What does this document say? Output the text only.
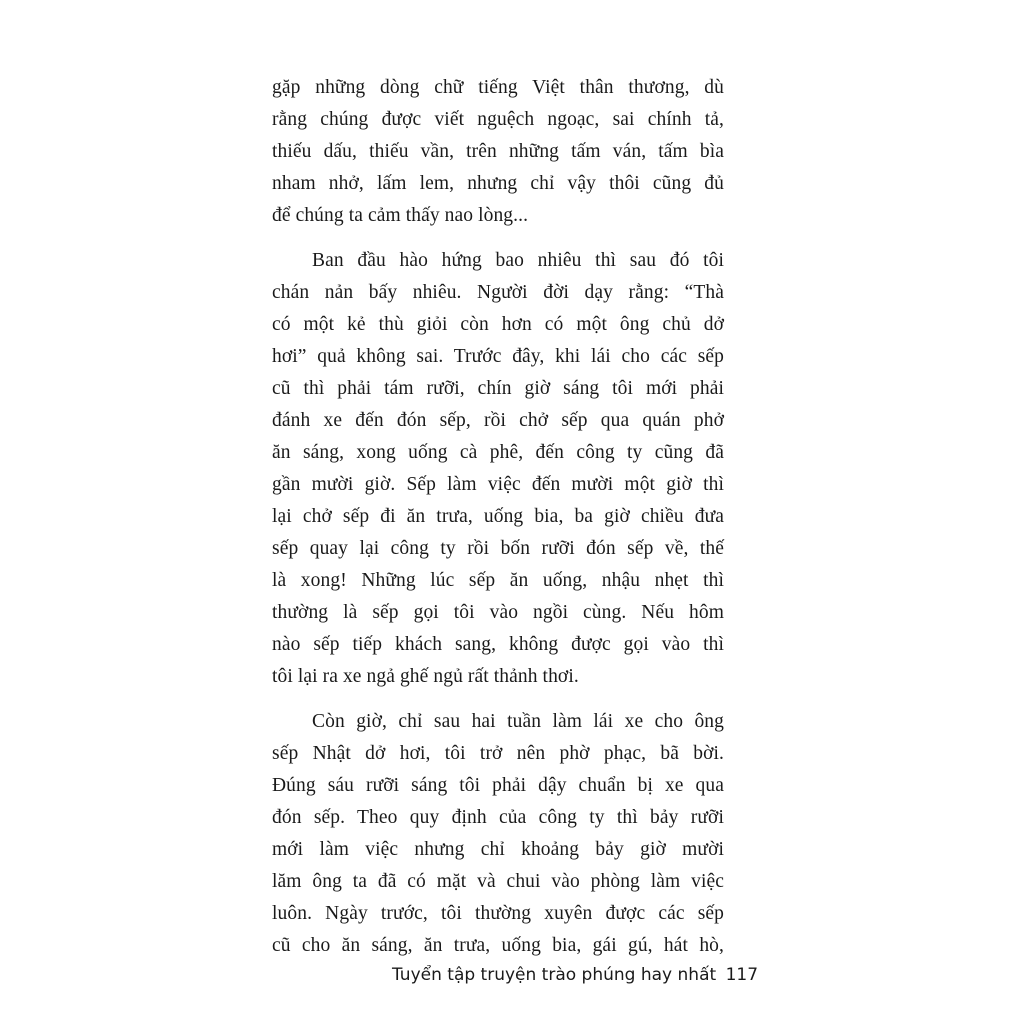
gặp những dòng chữ tiếng Việt thân thương, dù
rằng chúng được viết nguệch ngoạc, sai chính tả,
thiếu dấu, thiếu vần, trên những tấm ván, tấm bìa
nham nhở, lấm lem, nhưng chỉ vậy thôi cũng đủ
để chúng ta cảm thấy nao lòng...
Ban đầu hào hứng bao nhiêu thì sau đó tôi
chán nản bấy nhiêu. Người đời dạy rằng: “Thà
có một kẻ thù giỏi còn hơn có một ông chủ dở
hơi” quả không sai. Trước đây, khi lái cho các sếp
cũ thì phải tám rưỡi, chín giờ sáng tôi mới phải
đánh xe đến đón sếp, rồi chở sếp qua quán phở
ăn sáng, xong uống cà phê, đến công ty cũng đã
gần mười giờ. Sếp làm việc đến mười một giờ thì
lại chở sếp đi ăn trưa, uống bia, ba giờ chiều đưa
sếp quay lại công ty rồi bốn rưỡi đón sếp về, thế
là xong! Những lúc sếp ăn uống, nhậu nhẹt thì
thường là sếp gọi tôi vào ngồi cùng. Nếu hôm
nào sếp tiếp khách sang, không được gọi vào thì
tôi lại ra xe ngả ghế ngủ rất thảnh thơi.
Còn giờ, chỉ sau hai tuần làm lái xe cho ông
sếp Nhật dở hơi, tôi trở nên phờ phạc, bã bời.
Đúng sáu rưỡi sáng tôi phải dậy chuẩn bị xe qua
đón sếp. Theo quy định của công ty thì bảy rưỡi
mới làm việc nhưng chỉ khoảng bảy giờ mười
lăm ông ta đã có mặt và chui vào phòng làm việc
luôn. Ngày trước, tôi thường xuyên được các sếp
cũ cho ăn sáng, ăn trưa, uống bia, gái gú, hát hò,
Tuyển tập truyện trào phúng hay nhất 117
